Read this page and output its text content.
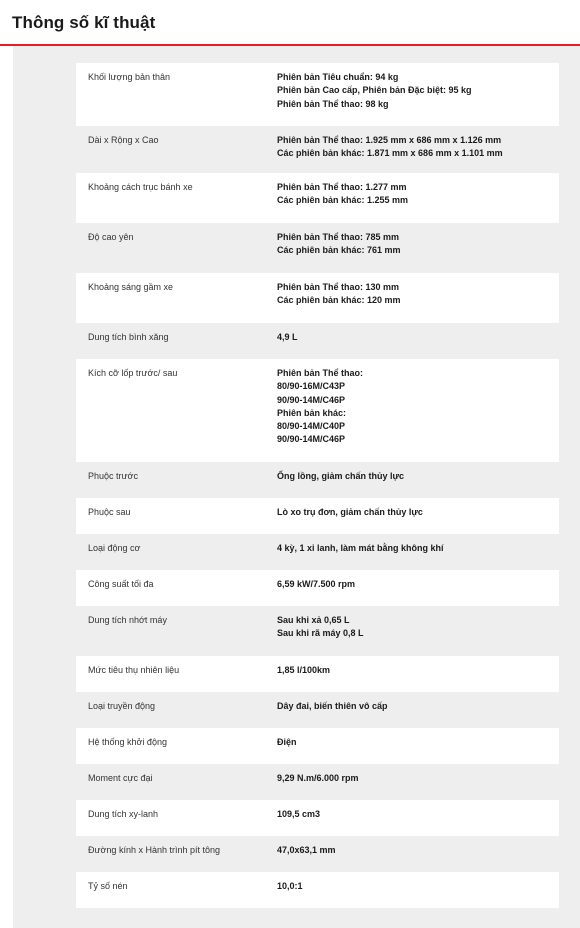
Thông số kĩ thuật
Khối lượng bản thân	Phiên bản Tiêu chuẩn: 94 kg
Phiên bản Cao cấp, Phiên bản Đặc biệt: 95 kg
Phiên bản Thể thao: 98 kg
Dài x Rộng x Cao	Phiên bản Thể thao: 1.925 mm x 686 mm x 1.126 mm
Các phiên bản khác: 1.871 mm x 686 mm x 1.101 mm
Khoảng cách trục bánh xe	Phiên bản Thể thao: 1.277 mm
Các phiên bản khác: 1.255 mm
Độ cao yên	Phiên bản Thể thao: 785 mm
Các phiên bản khác: 761 mm
Khoảng sáng gầm xe	Phiên bản Thể thao: 130 mm
Các phiên bản khác: 120 mm
Dung tích bình xăng	4,9 L
Kích cỡ lốp trước/ sau	Phiên bản Thể thao:
80/90-16M/C43P
90/90-14M/C46P
Phiên bản khác:
80/90-14M/C40P
90/90-14M/C46P
Phuộc trước	Ống lồng, giảm chấn thủy lực
Phuộc sau	Lò xo trụ đơn, giảm chấn thủy lực
Loại động cơ	4 kỳ, 1 xi lanh, làm mát bằng không khí
Công suất tối đa	6,59 kW/7.500 rpm
Dung tích nhớt máy	Sau khi xả 0,65 L
Sau khi rã máy 0,8 L
Mức tiêu thụ nhiên liệu	1,85 l/100km
Loại truyền động	Dây đai, biến thiên vô cấp
Hệ thống khởi động	Điện
Moment cực đại	9,29 N.m/6.000 rpm
Dung tích xy-lanh	109,5 cm3
Đường kính x Hành trình pít tông	47,0x63,1 mm
Tỷ số nén	10,0:1
